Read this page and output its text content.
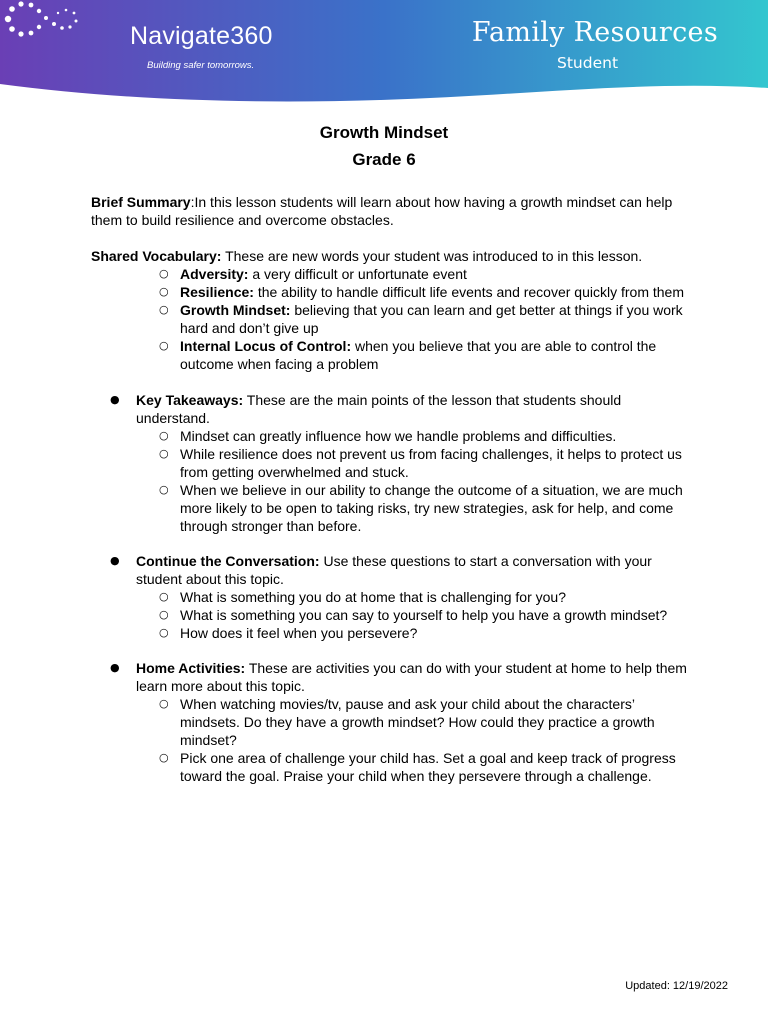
Navigate360
Building safer tomorrows.
Family Resources
Student
Growth Mindset
Grade 6

Brief Summary:In this lesson students will learn about how having a growth mindset can help them to build resilience and overcome obstacles.

Shared Vocabulary: These are new words your student was introduced to in this lesson.
○ Adversity: a very difficult or unfortunate event
○ Resilience: the ability to handle difficult life events and recover quickly from them
○ Growth Mindset: believing that you can learn and get better at things if you work hard and don’t give up
○ Internal Locus of Control: when you believe that you are able to control the outcome when facing a problem
● Key Takeaways: These are the main points of the lesson that students should understand.
○ Mindset can greatly influence how we handle problems and difficulties.
○ While resilience does not prevent us from facing challenges, it helps to protect us from getting overwhelmed and stuck.
○ When we believe in our ability to change the outcome of a situation, we are much more likely to be open to taking risks, try new strategies, ask for help, and come through stronger than before.
● Continue the Conversation: Use these questions to start a conversation with your student about this topic.
○ What is something you do at home that is challenging for you?
○ What is something you can say to yourself to help you have a growth mindset?
○ How does it feel when you persevere?
● Home Activities: These are activities you can do with your student at home to help them learn more about this topic.
○ When watching movies/tv, pause and ask your child about the characters’ mindsets. Do they have a growth mindset? How could they practice a growth mindset?
○ Pick one area of challenge your child has. Set a goal and keep track of progress toward the goal. Praise your child when they persevere through a challenge.
Updated: 12/19/2022
